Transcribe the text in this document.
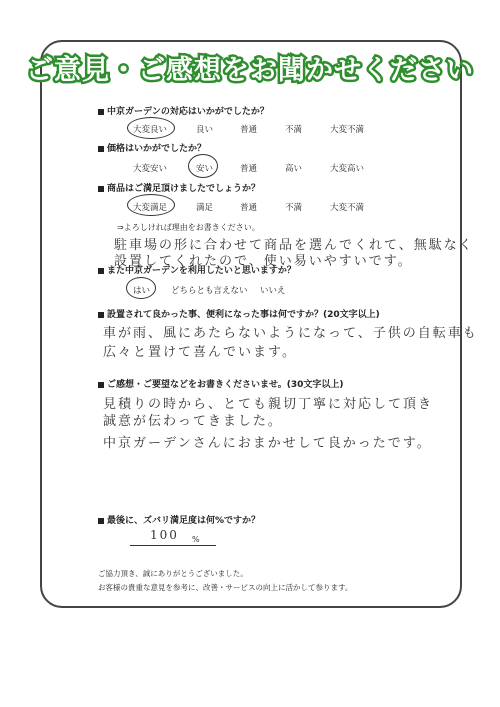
ご意見・ご感想をお聞かせください
中京ガーデンの対応はいかがでしたか？
大変良い	良い	普通	不満	大変不満
価格はいかがでしたか？
大変安い	安い	普通	高い	大変高い
商品はご満足頂けましたでしょうか？
大変満足	満足	普通	不満	大変不満
⇒よろしければ理由をお書きください。
駐車場の形に合わせて商品を選んでくれて、無駄なく
設置してくれたので、使い易いやすいです。
また中京ガーデンを利用したいと思いますか？
はい どちらとも言えない いいえ
設置されて良かった事、便利になった事は何ですか？(20文字以上)
車が雨、風にあたらないようになって、子供の自転車も
広々と置けて喜んでいます。
ご感想・ご要望などをお書きくださいませ。(30文字以上)
見積りの時から、とても親切丁寧に対応して頂き
誠意が伝わってきました。
中京ガーデンさんにおまかせして良かったです。
最後に、ズバリ満足度は何%ですか？
100 %
ご協力頂き、誠にありがとうございました。
お客様の貴重な意見を参考に、改善・サービスの向上に活かして参ります。
